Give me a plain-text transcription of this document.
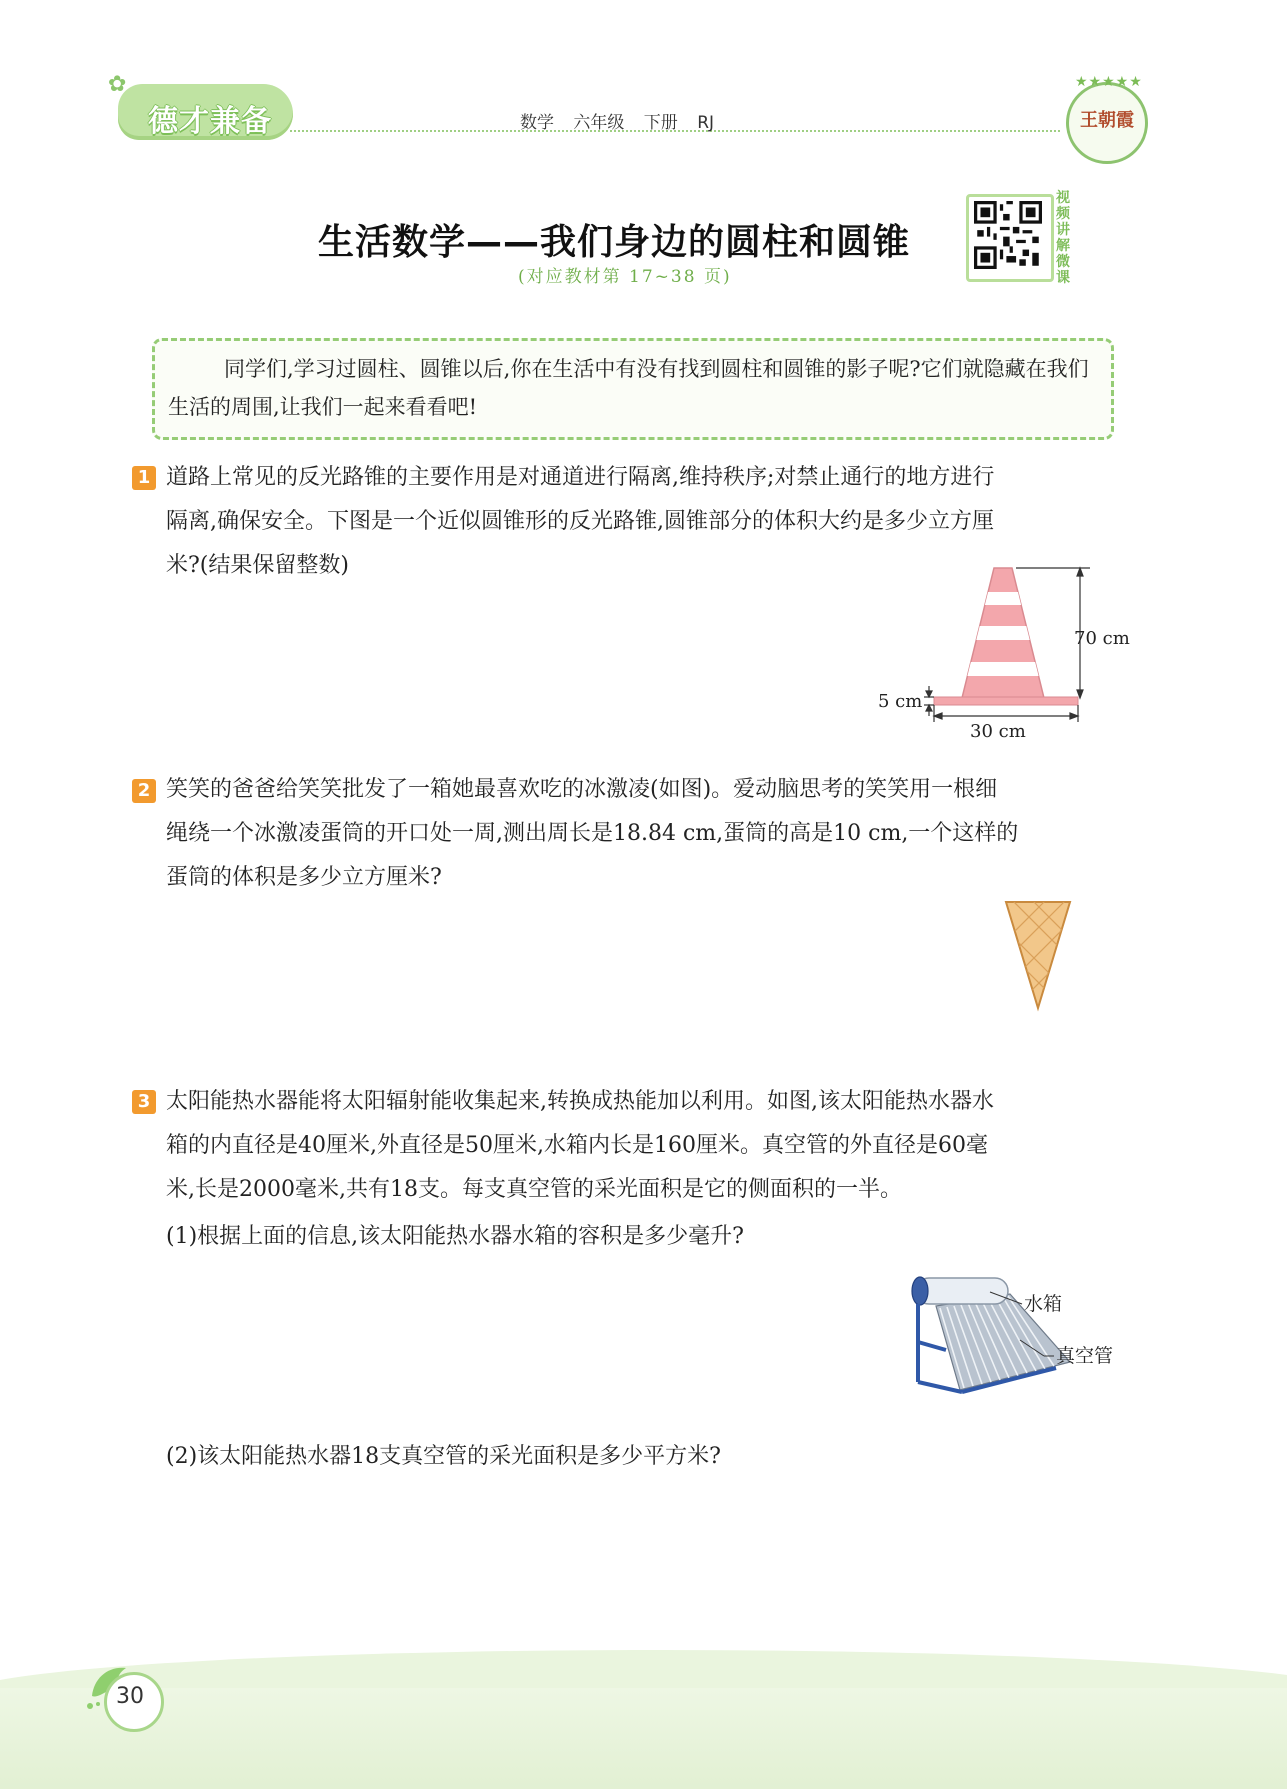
德才兼备
✿
数学 六年级 下册 RJ
★★★★★
王朝霞
生活数学——我们身边的圆柱和圆锥
(对应教材第 17~38 页)
视频讲解微课
同学们,学习过圆柱、圆锥以后,你在生活中有没有找到圆柱和圆锥的影子呢?它们就隐藏在我们生活的周围,让我们一起来看看吧!
1 道路上常见的反光路锥的主要作用是对通道进行隔离,维持秩序;对禁止通行的地方进行
隔离,确保安全。下图是一个近似圆锥形的反光路锥,圆锥部分的体积大约是多少立方厘
米?(结果保留整数)
70 cm
5 cm
30 cm
2 笑笑的爸爸给笑笑批发了一箱她最喜欢吃的冰激凌(如图)。爱动脑思考的笑笑用一根细
绳绕一个冰激凌蛋筒的开口处一周,测出周长是18.84 cm,蛋筒的高是10 cm,一个这样的
蛋筒的体积是多少立方厘米?
3 太阳能热水器能将太阳辐射能收集起来,转换成热能加以利用。如图,该太阳能热水器水
箱的内直径是40厘米,外直径是50厘米,水箱内长是160厘米。真空管的外直径是60毫
米,长是2000毫米,共有18支。每支真空管的采光面积是它的侧面积的一半。
(1)根据上面的信息,该太阳能热水器水箱的容积是多少毫升?
(2)该太阳能热水器18支真空管的采光面积是多少平方米?
水箱
真空管
30
